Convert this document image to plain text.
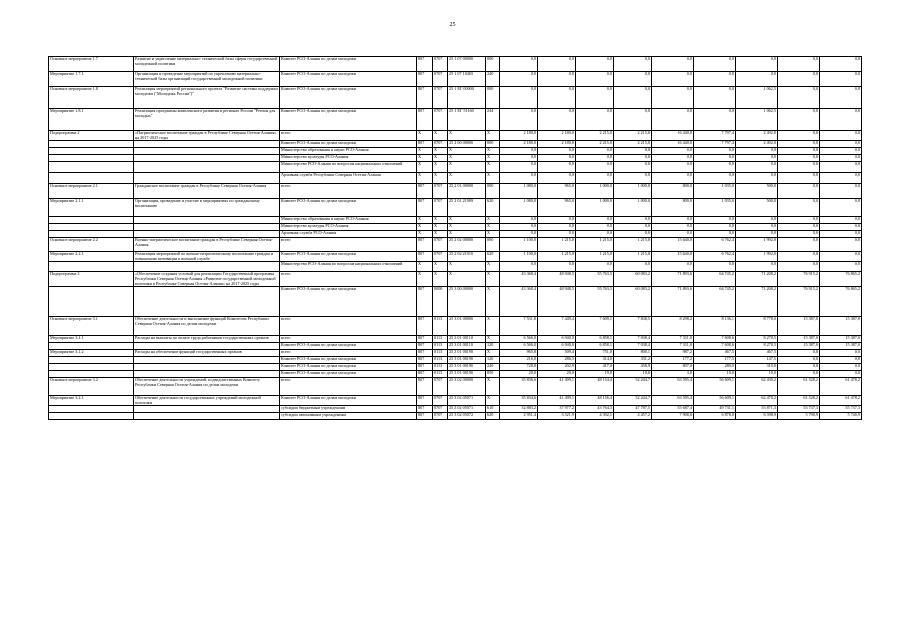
25
Основное мероприятие 1.7	Развитие и укрепление материально- технической базы сферы государственной молодежной политики	Комитет РСО-Алания по делам молодежи	807	0707	25 1 07 00000	000	0,0	0,0	0,0	0,0	0,0	0,0	0,0	0,0	0,0
Мероприятие 1.7.1	Организация и проведение мероприятий по укреплению материально-технической базы организаций государственной молодежной политики	Комитет РСО-Алания по делам молодежи	807	0707	25 1 07 10465	240	0,0	0,0	0,0	0,0	0,0	0,0	0,0	0,0	0,0
Основное мероприятие 1.8	Реализация мероприятий регионального проекта "Развитие системы поддержки молодежи ("Молодежь России")"	Комитет РСО-Алания по делам молодежи	807	0707	25 1 ЕГ 00000	000	0,0	0,0	0,0	0,0	0,0	0,0	1 062,5	0,0	0,0
Мероприятие 1.8.1	Реализация программы комплексного развития в регионах России "Регион для молодых"	Комитет РСО-Алания по делам молодежи	807	0707	25 1 ЕГ 51160	244	0,0	0,0	0,0	0,0	0,0	0,0	1 062,5	0,0	0,0
Подпрограмма 2	«Патриотическое воспитание граждан в Республике Северная Осетия-Алания» на 2017-2025 годы	всего	X	X	X	X	2 180,0	2 180,0	2 215,0	2 215,0	16 440,0	7 797,4	2 492,0	0,0	0,0
		Комитет РСО-Алания по делам молодежи	807	0707	25 2 00 00000	000	2 180,0	2 180,0	2 215,0	2 215,0	16 440,0	7 797,4	2 492,0	0,0	0,0
		Министерство образования и науки РСО-Алания	X	X	X	X	0,0	0,0	0,0	0,0	0,0	0,0	0,0	0,0	0,0
		Министерство культуры РСО-Алания	X	X	X	X	0,0	0,0	0,0	0,0	0,0	0,0	0,0	0,0	0,0
		Министерство РСО-Алания по вопросам национальных отношений	X	X	X	X	0,0	0,0	0,0	0,0	0,0	0,0	0,0	0,0	0,0
		Архивная служба Республики Северная Осетия-Алания	X	X	X	X	0,0	0,0	0,0	0,0	0,0	0,0	0,0	0,0	0,0
Основное мероприятие 2.1	Гражданское воспитание граждан в Республике Северная Осетия-Алания	всего	807	0707	25 2 01 00000	000	1 080,0	965,0	1 000,0	1 000,0	800,0	1 035,0	500,0	0,0	0,0
Мероприятие 2.1.1	Организация, проведение и участие в мероприятиях по гражданскому воспитанию	Комитет РСО-Алания по делам молодежи	807	0707	25 2 01 21909	620	1 080,0	965,0	1 000,0	1 000,0	800,0	1 035,0	500,0	0,0	0,0
		Министерство образования и науки РСО-Алания	X	X	X	X	0,0	0,0	0,0	0,0	0,0	0,0	0,0	0,0	0,0
		Министерство культуры РСО-Алания	X	X	X	X	0,0	0,0	0,0	0,0	0,0	0,0	0,0	0,0	0,0
		Архивная служба РСО-Алания	X	X	X	X	0,0	0,0	0,0	0,0	0,0	0,0	0,0	0,0	0,0
Основное мероприятие 2.2	Военно-патриотическое воспитание граждан в Республике Северная Осетия-Алания	всего	807	0707	25 2 02 00000	000	1 100,0	1 215,0	1 215,0	1 215,0	15 640,0	6 762,4	1 992,0	0,0	0,0
Мероприятие 2.2.1	Реализация мероприятий по военно-патриотическому воспитанию граждан и повышению мотивации к военной службе	Комитет РСО-Алания по делам молодежи	807	0707	25 2 02 21910	620	1 100,0	1 215,0	1 215,0	1 215,0	15 640,0	6 762,4	1 992,0	0,0	0,0
		Министерство РСО-Алания по вопросам национальных отношений	X	X	X	X	0,0	0,0	0,0	0,0	0,0	0,0	0,0	0,0	0,0
Подпрограмма 3	«Обеспечение создания условий для реализации Государственной программы Республики Северная Осетия-Алания «Развитие государственной молодежной политики в Республике Северная Осетия-Алания» на 2017-2025 годы	всего	X	X	X	X	43 368,4	48 948,5	55 763,5	60 083,2	71 893,6	64 745,2	71 208,2	76 915,2	76 865,2
		Комитет РСО-Алания по делам молодежи	807	0000	25 3 00 00000	X	43 368,4	48 948,5	55 763,5	60 083,2	71 893,6	64 745,2	71 208,2	76 915,2	76 865,2
Основное мероприятие 3.1	Обеспечение деятельности и выполнение функций Комитетом Республики Северная Осетия-Алания по делам молодежи	всего	807	0113	25 3 01 00000	X	7 531,8	7 449,4	7 609,1	7 838,5	8 298,2	8 136,1	8 778,0	15 387,0	15 387,0
Мероприятие 3.1.1	Расходы на выплаты по оплате труда работников государственных органов	всего	807	0113	25 3 01 00110	X	6 566,0	6 940,0	6 858,1	7 038,4	7 311,0	7 608,6	8 270,5	15 387,0	15 387,0
		Комитет РСО-Алания по делам молодежи	807	0113	25 3 01 00110	120	6 566,0	6 940,0	6 858,1	7 038,4	7 311,0	7 608,6	8 270,5	15 387,0	15 387,0
Мероприятие 3.1.2	Расходы на обеспечение функций государственных органов	всего	807	0113	25 3 01 00190	X	965,8	509,4	751,0	800,1	987,2	467,5	467,5	0,0	0,0
		Комитет РСО-Алания по делам молодежи	807	0113	25 3 01 00190	120	216,0	286,5	314,0	331,2	177,2	177,5	147,5	0,0	0,0
		Комитет РСО-Алания по делам молодежи	807	0113	25 3 01 00190	240	728,8	202,9	417,0	458,9	807,0	280,0	310,0	0,0	0,0
		Комитет РСО-Алания по делам молодежи	807	0113	25 3 01 00190	850	20,0	20,0	19,0	10,0	3,0	10,0	10,0	0,0	0,0
Основное мероприятие 3.2	Обеспечение деятельности учреждений, подведомственных Комитету Республики Северная Осетия-Алания по делам молодежи	всего	807	0707	25 3 02 00000	X	35 836,6	41 499,1	48 154,4	52 244,7	63 595,4	56 609,1	62 430,2	61 528,2	61 478,2
Мероприятие 3.2.1	Обеспечение деятельности государственных учреждений молодежной политики	Комитет РСО-Алания по делам молодежи	807	0707	25 3 02 05071	X	35 834,6	41 499,1	48 156,4	52 244,7	63 595,4	56 609,1	62 470,2	61 528,2	61 478,2
		субсидии бюджетным учреждениям	807	0707	25 3 02 05071	610	32 883,2	37 977,2	43 764,3	47 787,5	55 687,4	49 731,1	55 871,3	55 737,3	55 737,3
		субсидии автономным учреждениям	807	0707	25 3 02 05072	620	2 951,4	3 521,9	4 392,1	4 457,2	7 908,0	6 878,0	6 598,9	5 790,9	5 740,9
